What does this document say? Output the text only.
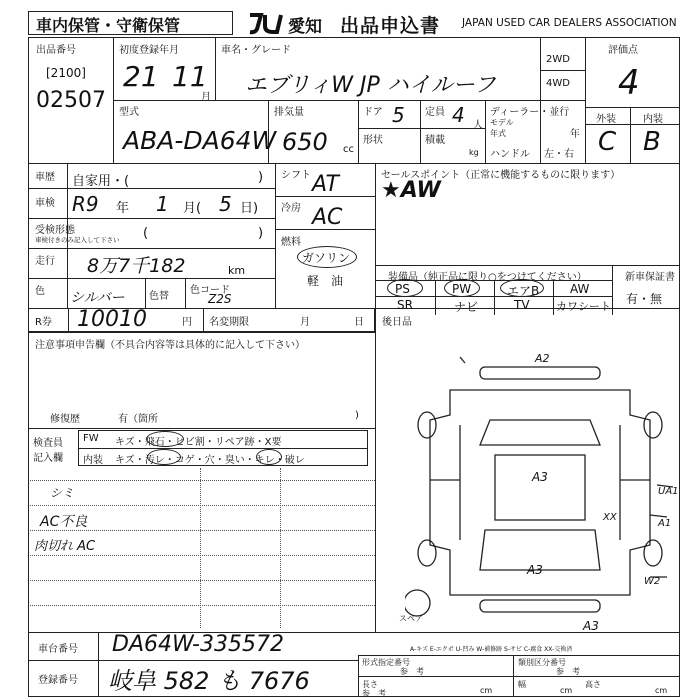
車内保管・守衛保管	愛知 出品申込書 JAPAN USED CAR DEALERS ASSOCIATION
出品番号
[2100]
02507
初度登録年月
21 11
月
車名・グレード
エブリィW JP ハイルーフ
2WD
4WD
評価点
4
外装	内装
C B
型式
ABA-DA64W
排気量
650 cc
ドア 5 定員 4 人
形状	積載
kg
ディーラー・並行
モデル
年式	年
ハンドル 左・右
車歴 自家用・(	)
車検 R9 年 1 月( 5 日)
受検形態
車検付きのみ記入して下さい (	)
走行 8万7千182	km
色 シルバー 色替
色コード
Z2S
シフト AT
冷房 AC
燃料
ガソリン
軽　油
セールスポイント（正常に機能するものに限ります）
★AW
装備品（純正品に限り○をつけてください）
PS	PW	エアB	AW
SR	ナビ	TV カワシート
新車保証書
有・無
R券 10010	円 名変期限	月	日 後日品
注意事項申告欄（不具合内容等は具体的に記入して下さい）
修復歴	有（箇所	)
検査員
記入欄
FW キズ・飛石・ヒビ割・リペア跡・X要
内装 キズ・汚レ・コゲ・穴・臭い・キレ・破レ
シミ
AC不良
肉切れ AC
A2
A3
A3
A3
UA1
XX
A1
W2
スペア
A-キズ E-エクボ U-凹み W-補修跡 S-サビ C-腐食 XX-交換済
車台番号 DA64W-335572
登録番号 岐阜 582 も 7676
形式指定番号
参　考
類別区分番号
参　考
長さ
参　考	cm
幅
cm
高さ
cm
